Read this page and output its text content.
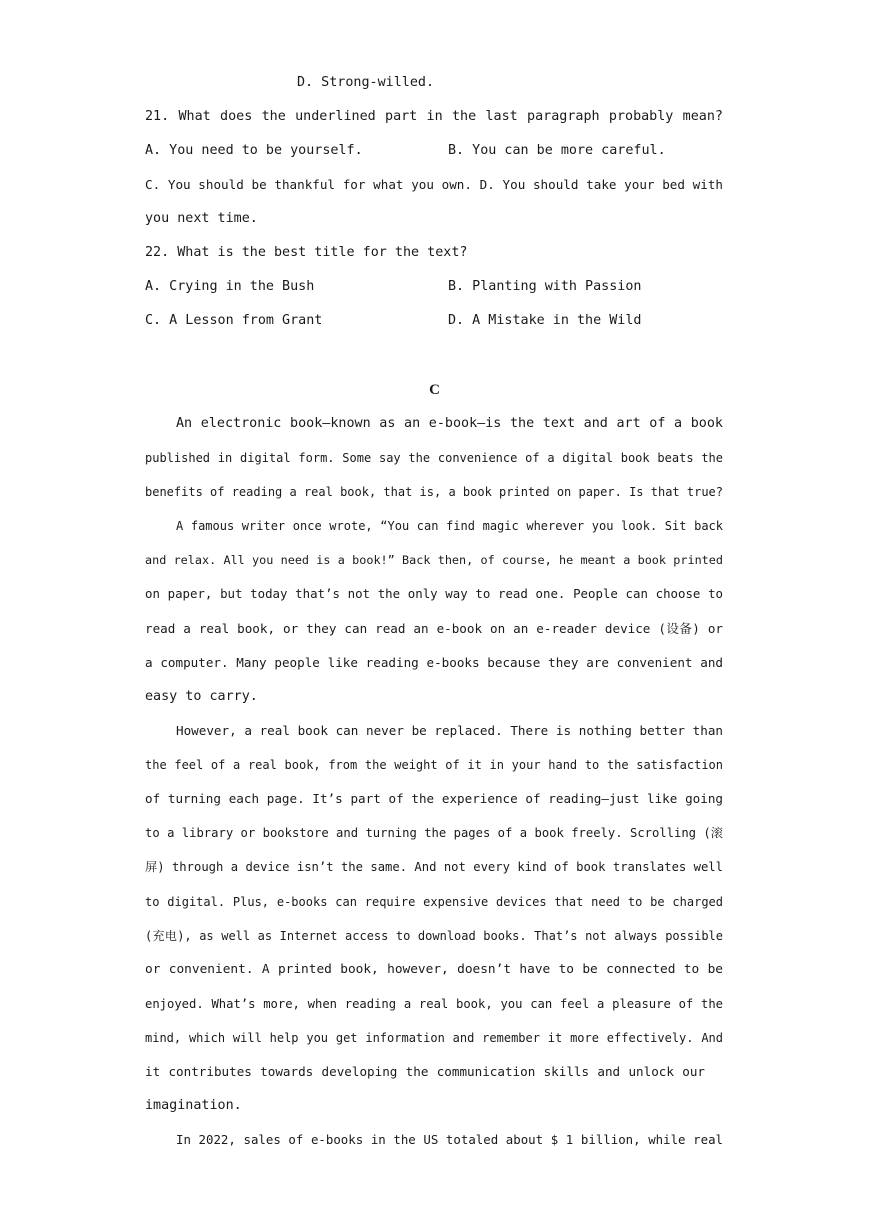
D. Strong-willed.
21. What does the underlined part in the last paragraph probably mean?
A. You need to be yourself.	B. You can be more careful.
C. You should be thankful for what you own. D. You should take your bed with
you next time.
22. What is the best title for the text?
A. Crying in the Bush	B. Planting with Passion
C. A Lesson from Grant	D. A Mistake in the Wild
C
An electronic book—known as an e-book—is the text and art of a book
published in digital form. Some say the convenience of a digital book beats the
benefits of reading a real book, that is, a book printed on paper. Is that true?
A famous writer once wrote, “You can find magic wherever you look. Sit back
and relax. All you need is a book!” Back then, of course, he meant a book printed
on paper, but today that’s not the only way to read one. People can choose to
read a real book, or they can read an e-book on an e-reader device (设备) or
a computer. Many people like reading e-books because they are convenient and
easy to carry.
However, a real book can never be replaced. There is nothing better than
the feel of a real book, from the weight of it in your hand to the satisfaction
of turning each page. It’s part of the experience of reading—just like going
to a library or bookstore and turning the pages of a book freely. Scrolling (滚
屏) through a device isn’t the same. And not every kind of book translates well
to digital. Plus, e-books can require expensive devices that need to be charged
(充电), as well as Internet access to download books. That’s not always possible
or convenient. A printed book, however, doesn’t have to be connected to be
enjoyed. What’s more, when reading a real book, you can feel a pleasure of the
mind, which will help you get information and remember it more effectively. And
it contributes towards developing the communication skills and unlock our
imagination.
In 2022, sales of e-books in the US totaled about $ 1 billion, while real
